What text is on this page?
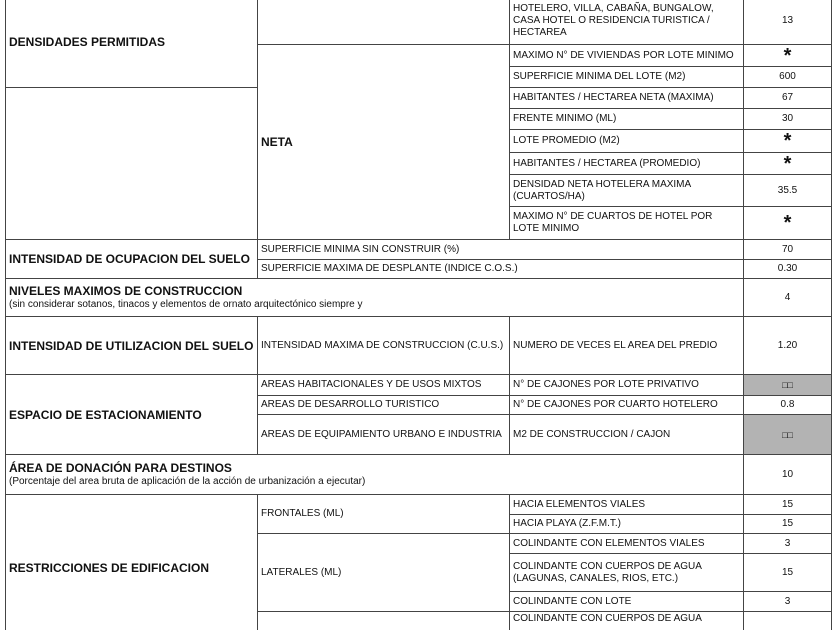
DENSIDADES PERMITIDAS		HOTELERO, VILLA, CABAÑA, BUNGALOW, CASA HOTEL O RESIDENCIA TURISTICA / HECTAREA	13
	NETA	MAXIMO N° DE VIVIENDAS POR LOTE MINIMO	*
		SUPERFICIE MINIMA DEL LOTE (M2)	600
		HABITANTES / HECTAREA NETA (MAXIMA)	67
		FRENTE MINIMO (ML)	30
		LOTE PROMEDIO (M2)	*
		HABITANTES / HECTAREA (PROMEDIO)	*
		DENSIDAD NETA HOTELERA MAXIMA (CUARTOS/HA)	35.5
		MAXIMO N° DE CUARTOS DE HOTEL POR LOTE MINIMO	*
INTENSIDAD DE OCUPACION DEL SUELO	SUPERFICIE MINIMA SIN CONSTRUIR (%)		70
	SUPERFICIE MAXIMA DE DESPLANTE (INDICE C.O.S.)		0.30

NIVELES MAXIMOS DE CONSTRUCCION
(sin considerar sotanos, tinacos y elementos de ornato arquitectónico siempre y			4
INTENSIDAD DE UTILIZACION DEL SUELO	INTENSIDAD MAXIMA DE CONSTRUCCION (C.U.S.)	NUMERO DE VECES EL AREA DEL PREDIO	1.20
ESPACIO DE ESTACIONAMIENTO	AREAS HABITACIONALES Y DE USOS MIXTOS	N° DE CAJONES POR LOTE PRIVATIVO	□□
	AREAS DE DESARROLLO TURISTICO	N° DE CAJONES POR CUARTO HOTELERO	0.8
	AREAS DE EQUIPAMIENTO URBANO E INDUSTRIA	M2 DE CONSTRUCCION / CAJON	□□

ÁREA DE DONACIÓN PARA DESTINOS
(Porcentaje del area bruta de aplicación de la acción de urbanización a ejecutar)			10
RESTRICCIONES DE EDIFICACION	FRONTALES (ML)	HACIA ELEMENTOS VIALES	15
		HACIA PLAYA (Z.F.M.T.)	15
	LATERALES (ML)	COLINDANTE CON ELEMENTOS VIALES	3
		COLINDANTE CON CUERPOS DE AGUA (LAGUNAS, CANALES, RIOS, ETC.)	15
		COLINDANTE CON LOTE	3
		COLINDANTE CON CUERPOS DE AGUA	
